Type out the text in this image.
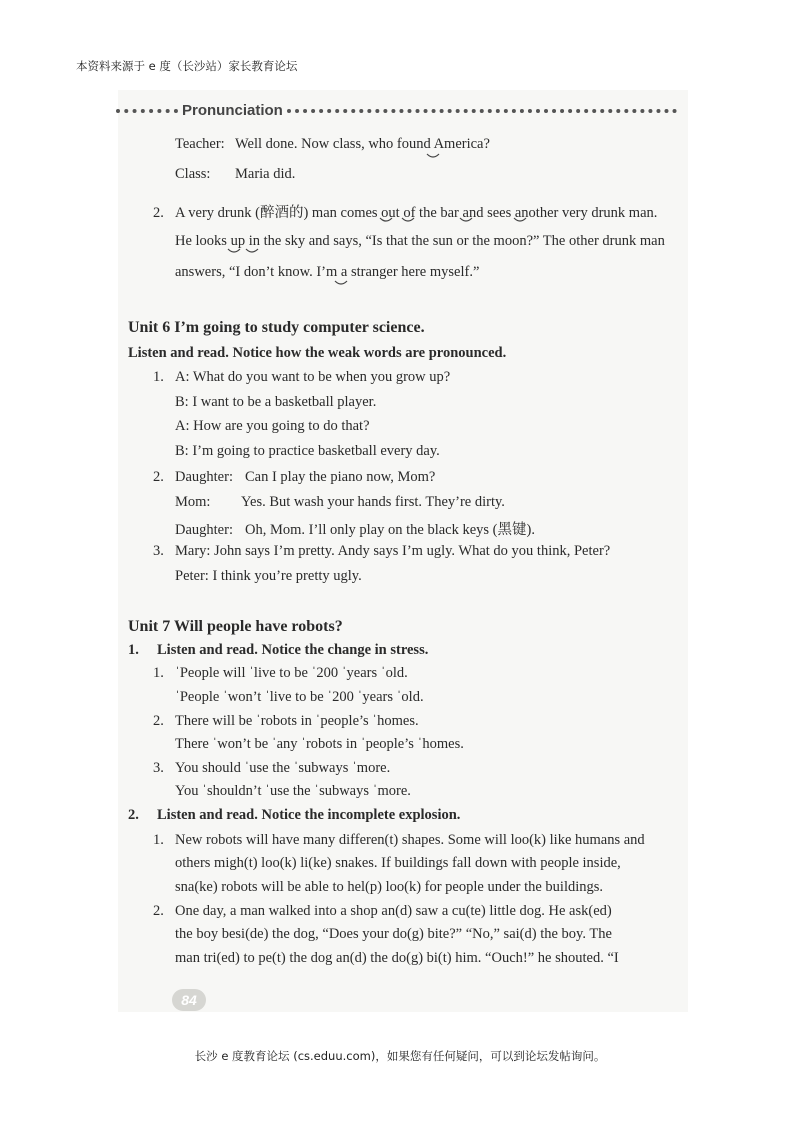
本资料来源于 e 度（长沙站）家长教育论坛
Pronunciation
Teacher: Well done. Now class, who found America?
Class: Maria did.
2. A very drunk (醉酒的) man comes out of the bar and sees another very drunk man.
He looks up in the sky and says, “Is that the sun or the moon?” The other drunk man
answers, “I don’t know. I’m a stranger here myself.”
Unit 6 I’m going to study computer science.
Listen and read. Notice how the weak words are pronounced.
1. A: What do you want to be when you grow up?
B: I want to be a basketball player.
A: How are you going to do that?
B: I’m going to practice basketball every day.
2. Daughter: Can I play the piano now, Mom?
Mom: Yes. But wash your hands first. They’re dirty.
Daughter: Oh, Mom. I’ll only play on the black keys (黑键).
3. Mary: John says I’m pretty. Andy says I’m ugly. What do you think, Peter?
Peter: I think you’re pretty ugly.
Unit 7 Will people have robots?
1. Listen and read. Notice the change in stress.
1. ˈPeople will ˈlive to be ˈ200 ˈyears ˈold.
ˈPeople ˈwon’t ˈlive to be ˈ200 ˈyears ˈold.
2. There will be ˈrobots in ˈpeople’s ˈhomes.
There ˈwon’t be ˈany ˈrobots in ˈpeople’s ˈhomes.
3. You should ˈuse the ˈsubways ˈmore.
You ˈshouldn’t ˈuse the ˈsubways ˈmore.
2. Listen and read. Notice the incomplete explosion.
1. New robots will have many differen(t) shapes. Some will loo(k) like humans and
others migh(t) loo(k) li(ke) snakes. If buildings fall down with people inside,
sna(ke) robots will be able to hel(p) loo(k) for people under the buildings.
2. One day, a man walked into a shop an(d) saw a cu(te) little dog. He ask(ed)
the boy besi(de) the dog, “Does your do(g) bite?” “No,” sai(d) the boy. The
man tri(ed) to pe(t) the dog an(d) the do(g) bi(t) him. “Ouch!” he shouted. “I
84
长沙 e 度教育论坛 (cs.eduu.com)，如果您有任何疑问，可以到论坛发帖询问。
